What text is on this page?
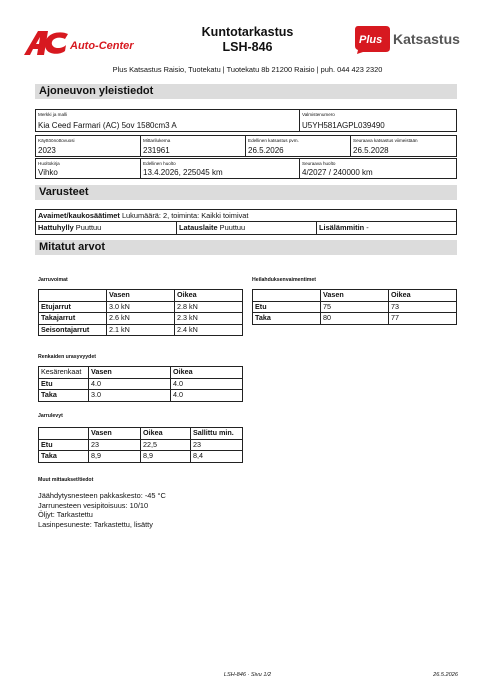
Auto-Center
Kuntotarkastus
LSH-846	Plus Katsastus
Plus Katsastus Raisio, Tuotekatu | Tuotekatu 8b 21200 Raisio | puh. 044 423 2320
Ajoneuvon yleistiedot
Merkki ja malli
Kia Ceed Farmari (AC) 5ov 1580cm3 A
Valmistenumero
U5YH581AGPL039490
Käyttöönottovuosi
2023
Mittarilukema
231961
Edellinen katsastus pvm.
26.5.2026
Seuraava katsastus viimeistään
26.5.2028
Huoltokirja
Vihko
Edellinen huolto
13.4.2026, 225045 km
Seuraava huolto
4/2027 / 240000 km
Varusteet
Avaimet/kaukosäätimet Lukumäärä: 2, toiminta: Kaikki toimivat
Hattuhylly Puuttuu	Latauslaite Puuttuu	Lisälämmitin -
Mitatut arvot
Jarruvoimat
	Vasen	Oikea
Etujarrut	3.0 kN	2.8 kN
Takajarrut	2.6 kN	2.3 kN
Seisontajarrut	2.1 kN	2.4 kN
Heilahduksenvaimentimet
	Vasen	Oikea
Etu	75	73
Taka	80	77
Renkaiden urasyvyydet
Kesärenkaat	Vasen	Oikea
Etu	4.0	4.0
Taka	3.0	4.0
Jarrulevyt
	Vasen	Oikea	Sallittu min.
Etu	23	22,5	23
Taka	8,9	8,9	8,4
Muut mittaukset/tiedot
Jäähdytysnesteen pakkaskesto: -45 °C
Jarrunesteen vesipitoisuus: 10/10
Öljyt: Tarkastettu
Lasinpesuneste: Tarkastettu, lisätty
LSH-846 · Sivu 1/2	26.5.2026
